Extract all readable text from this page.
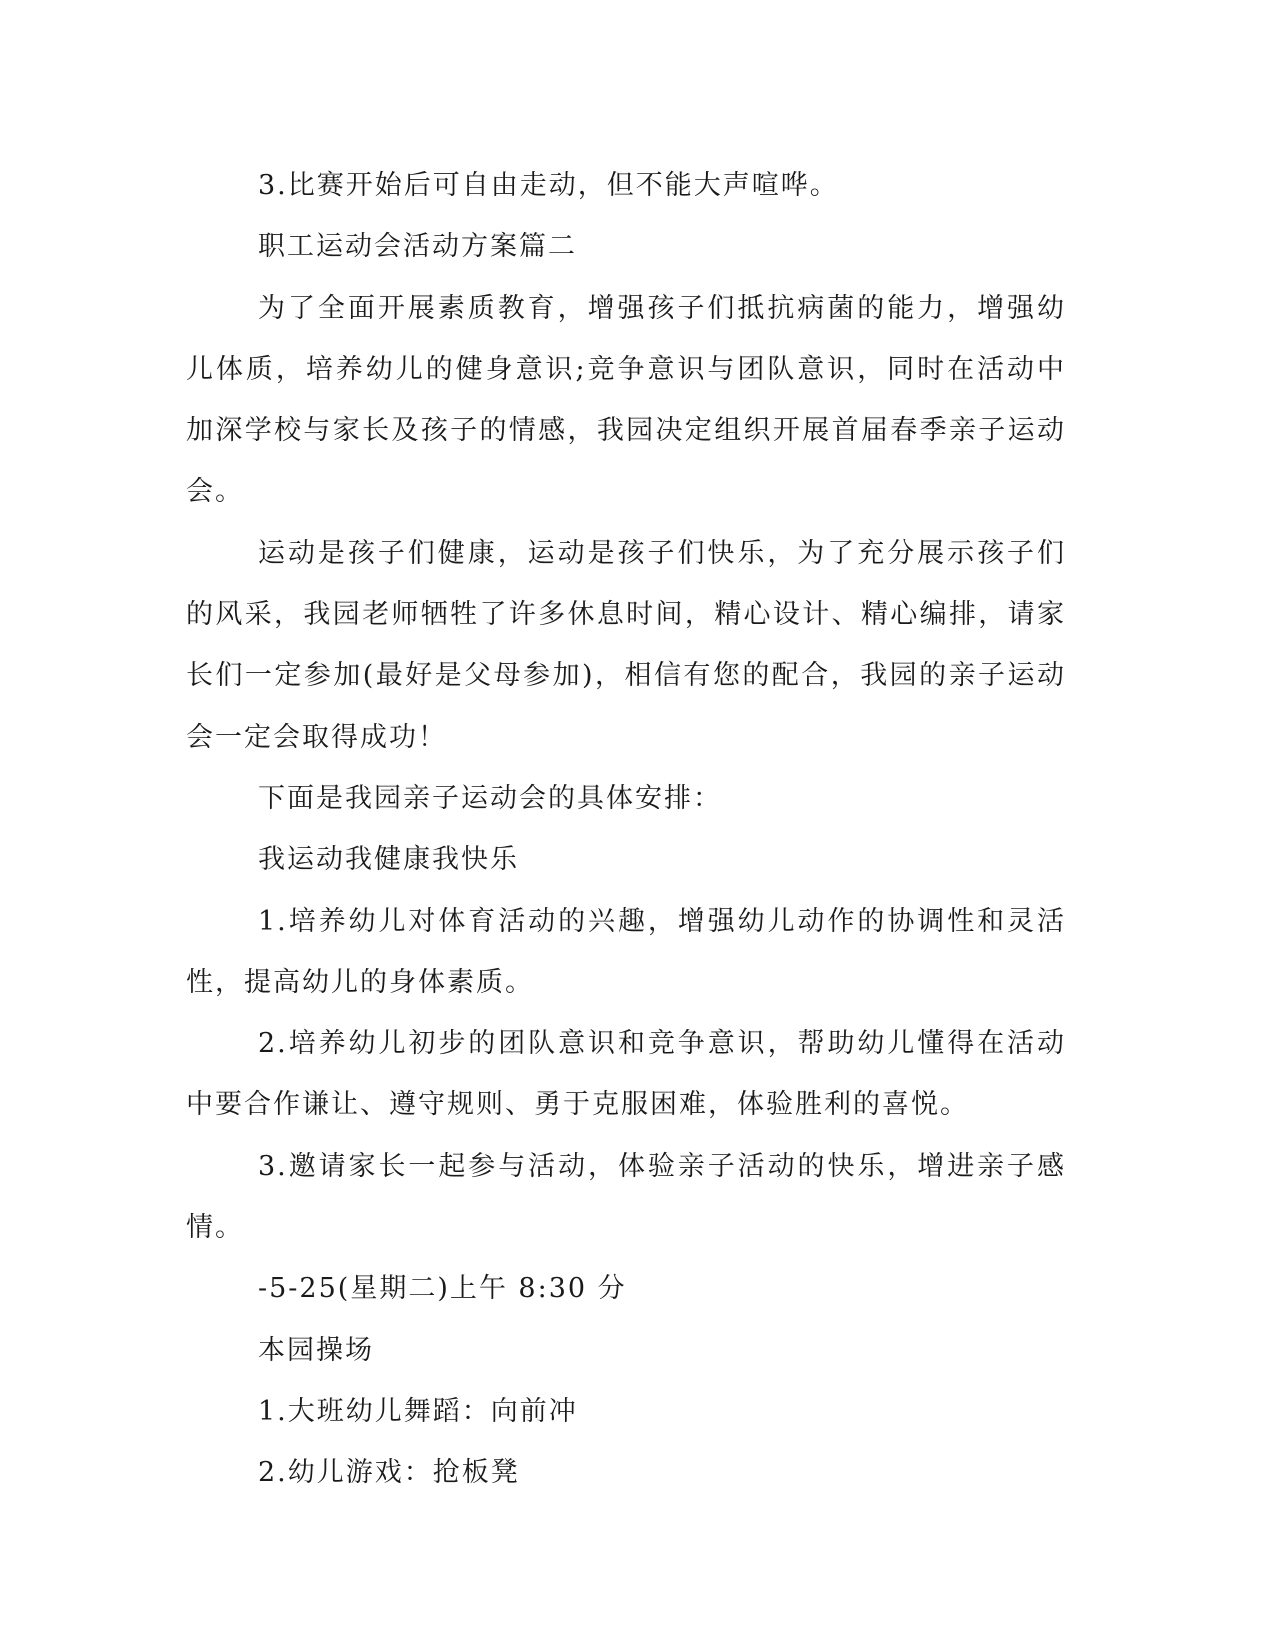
3.比赛开始后可自由走动，但不能大声喧哗。

职工运动会活动方案篇二

为了全面开展素质教育，增强孩子们抵抗病菌的能力，增强幼儿体质，培养幼儿的健身意识;竞争意识与团队意识，同时在活动中加深学校与家长及孩子的情感，我园决定组织开展首届春季亲子运动会。

运动是孩子们健康，运动是孩子们快乐，为了充分展示孩子们的风采，我园老师牺牲了许多休息时间，精心设计、精心编排，请家长们一定参加(最好是父母参加)，相信有您的配合，我园的亲子运动会一定会取得成功！

下面是我园亲子运动会的具体安排：

我运动我健康我快乐

1.培养幼儿对体育活动的兴趣，增强幼儿动作的协调性和灵活性，提高幼儿的身体素质。

2.培养幼儿初步的团队意识和竞争意识，帮助幼儿懂得在活动中要合作谦让、遵守规则、勇于克服困难，体验胜利的喜悦。

3.邀请家长一起参与活动，体验亲子活动的快乐，增进亲子感情。

-5-25(星期二)上午 8:30 分

本园操场

1.大班幼儿舞蹈：向前冲

2.幼儿游戏：抢板凳
